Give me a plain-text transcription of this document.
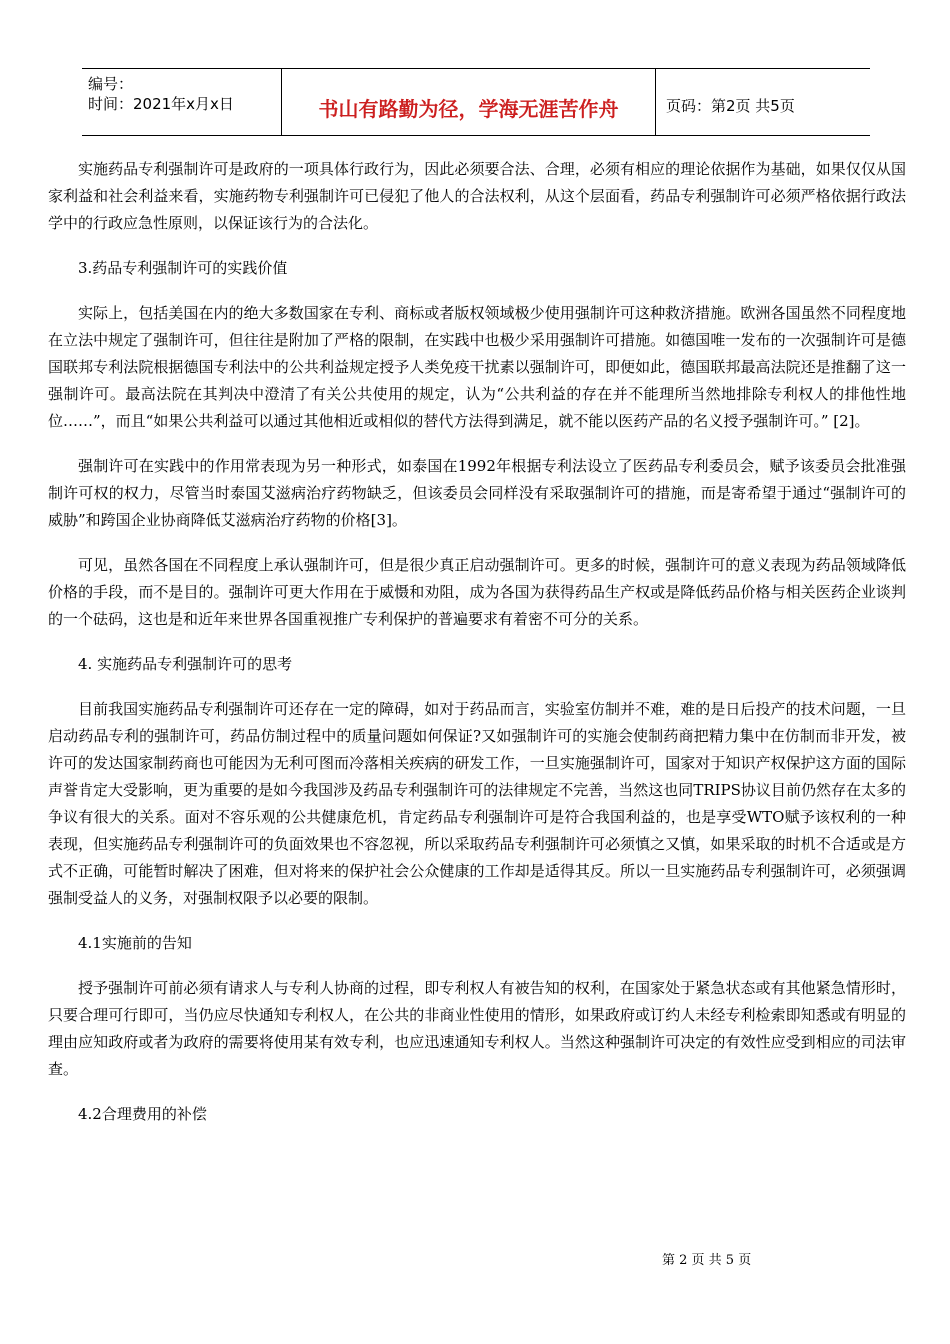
编号：
时间：2021年x月x日	书山有路勤为径，学海无涯苦作舟	页码：第2页 共5页

实施药品专利强制许可是政府的一项具体行政行为，因此必须要合法、合理，必须有相应的理论依据作为基础，如果仅仅从国家利益和社会利益来看，实施药物专利强制许可已侵犯了他人的合法权利，从这个层面看，药品专利强制许可必须严格依据行政法学中的行政应急性原则，以保证该行为的合法化。

3.药品专利强制许可的实践价值

实际上，包括美国在内的绝大多数国家在专利、商标或者版权领域极少使用强制许可这种救济措施。欧洲各国虽然不同程度地在立法中规定了强制许可，但往往是附加了严格的限制，在实践中也极少采用强制许可措施。如德国唯一发布的一次强制许可是德国联邦专利法院根据德国专利法中的公共利益规定授予人类免疫干扰素以强制许可，即便如此，德国联邦最高法院还是推翻了这一强制许可。最高法院在其判决中澄清了有关公共使用的规定，认为“公共利益的存在并不能理所当然地排除专利权人的排他性地位……”，而且“如果公共利益可以通过其他相近或相似的替代方法得到满足，就不能以医药产品的名义授予强制许可。” [2]。

强制许可在实践中的作用常表现为另一种形式，如泰国在1992年根据专利法设立了医药品专利委员会，赋予该委员会批准强制许可权的权力，尽管当时泰国艾滋病治疗药物缺乏，但该委员会同样没有采取强制许可的措施，而是寄希望于通过“强制许可的威胁”和跨国企业协商降低艾滋病治疗药物的价格[3]。

可见，虽然各国在不同程度上承认强制许可，但是很少真正启动强制许可。更多的时候，强制许可的意义表现为药品领域降低价格的手段，而不是目的。强制许可更大作用在于威慑和劝阻，成为各国为获得药品生产权或是降低药品价格与相关医药企业谈判的一个砝码，这也是和近年来世界各国重视推广专利保护的普遍要求有着密不可分的关系。

4. 实施药品专利强制许可的思考

目前我国实施药品专利强制许可还存在一定的障碍，如对于药品而言，实验室仿制并不难，难的是日后投产的技术问题，一旦启动药品专利的强制许可，药品仿制过程中的质量问题如何保证?又如强制许可的实施会使制药商把精力集中在仿制而非开发，被许可的发达国家制药商也可能因为无利可图而冷落相关疾病的研发工作，一旦实施强制许可，国家对于知识产权保护这方面的国际声誉肯定大受影响，更为重要的是如今我国涉及药品专利强制许可的法律规定不完善，当然这也同TRIPS协议目前仍然存在太多的争议有很大的关系。面对不容乐观的公共健康危机，肯定药品专利强制许可是符合我国利益的，也是享受WTO赋予该权利的一种表现，但实施药品专利强制许可的负面效果也不容忽视，所以采取药品专利强制许可必须慎之又慎，如果采取的时机不合适或是方式不正确，可能暂时解决了困难，但对将来的保护社会公众健康的工作却是适得其反。所以一旦实施药品专利强制许可，必须强调强制受益人的义务，对强制权限予以必要的限制。

4.1实施前的告知

授予强制许可前必须有请求人与专利人协商的过程，即专利权人有被告知的权利，在国家处于紧急状态或有其他紧急情形时，只要合理可行即可，当仍应尽快通知专利权人，在公共的非商业性使用的情形，如果政府或订约人未经专利检索即知悉或有明显的理由应知政府或者为政府的需要将使用某有效专利，也应迅速通知专利权人。当然这种强制许可决定的有效性应受到相应的司法审查。

4.2合理费用的补偿

第 2 页 共 5 页
